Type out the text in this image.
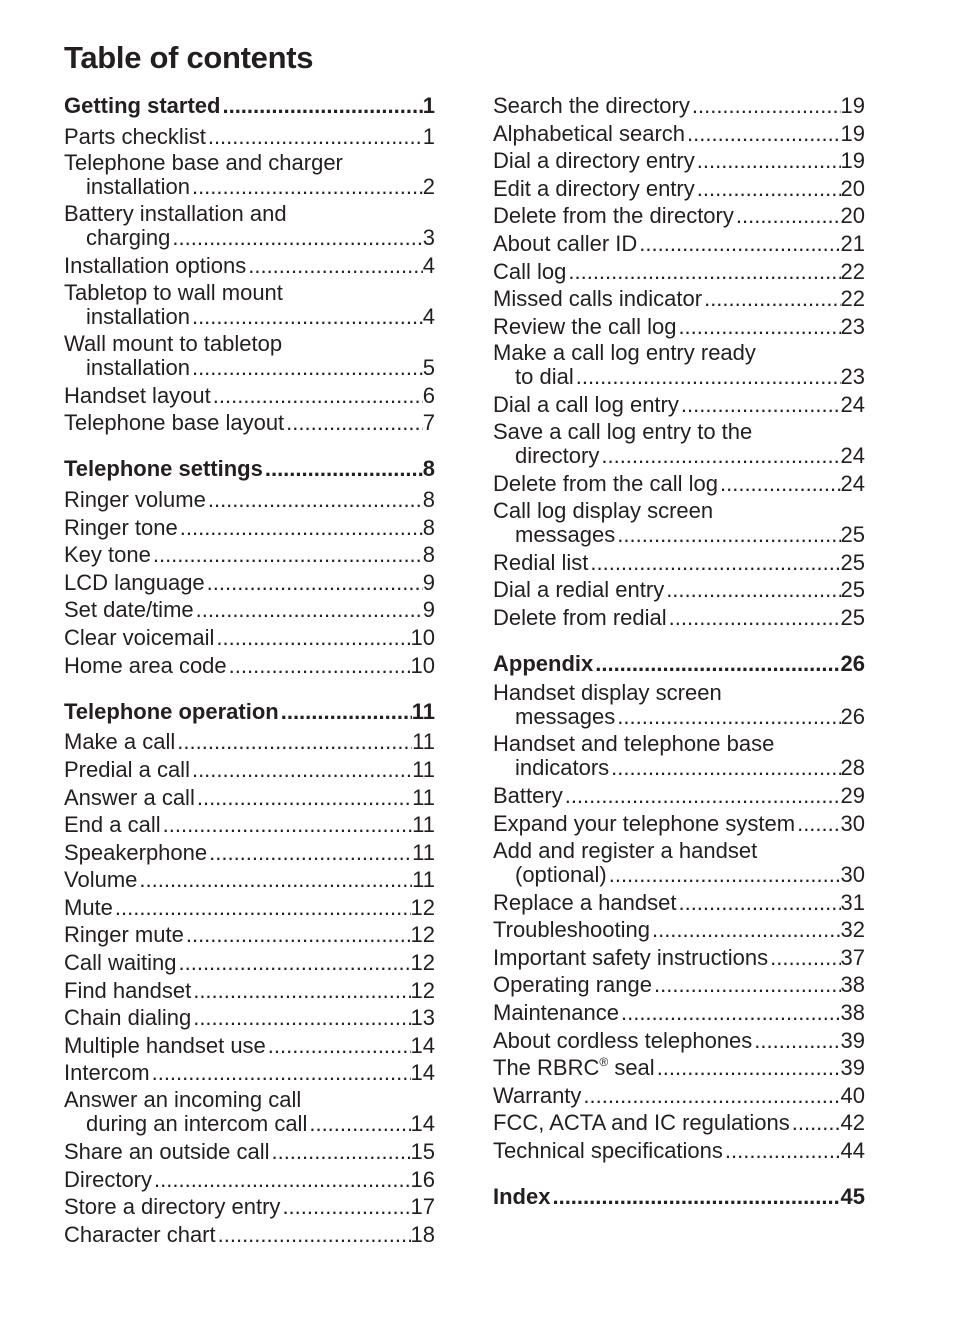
Table of contents
Getting started .....	1
Parts checklist .....	1
Telephone base and charger
installation .....	2
Battery installation and
charging .....	3
Installation options .....	4
Tabletop to wall mount
installation .....	4
Wall mount to tabletop
installation .....	5
Handset layout .....	6
Telephone base layout .....	7
Telephone settings .....	8
Ringer volume .....	8
Ringer tone .....	8
Key tone .....	8
LCD language .....	9
Set date/time .....	9
Clear voicemail .....	10
Home area code .....	10
Telephone operation .....	11
Make a call .....	11
Predial a call .....	11
Answer a call .....	11
End a call .....	11
Speakerphone .....	11
Volume .....	11
Mute .....	12
Ringer mute .....	12
Call waiting .....	12
Find handset .....	12
Chain dialing .....	13
Multiple handset use .....	14
Intercom .....	14
Answer an incoming call
during an intercom call .....	14
Share an outside call .....	15
Directory .....	16
Store a directory entry .....	17
Character chart .....	18
Search the directory .....	19
Alphabetical search .....	19
Dial a directory entry .....	19
Edit a directory entry .....	20
Delete from the directory .....	20
About caller ID .....	21
Call log .....	22
Missed calls indicator .....	22
Review the call log .....	23
Make a call log entry ready
to dial .....	23
Dial a call log entry .....	24
Save a call log entry to the
directory .....	24
Delete from the call log .....	24
Call log display screen
messages .....	25
Redial list .....	25
Dial a redial entry .....	25
Delete from redial .....	25
Appendix .....	26
Handset display screen
messages .....	26
Handset and telephone base
indicators .....	28
Battery .....	29
Expand your telephone system ..... 30
Add and register a handset
(optional) .....	30
Replace a handset .....	31
Troubleshooting .....	32
Important safety instructions .....	37
Operating range .....	38
Maintenance .....	38
About cordless telephones .....	39
The RBRC® seal .....	39
Warranty .....	40
FCC, ACTA and IC regulations ..... 42
Technical specifications .....	44
Index .....	45
